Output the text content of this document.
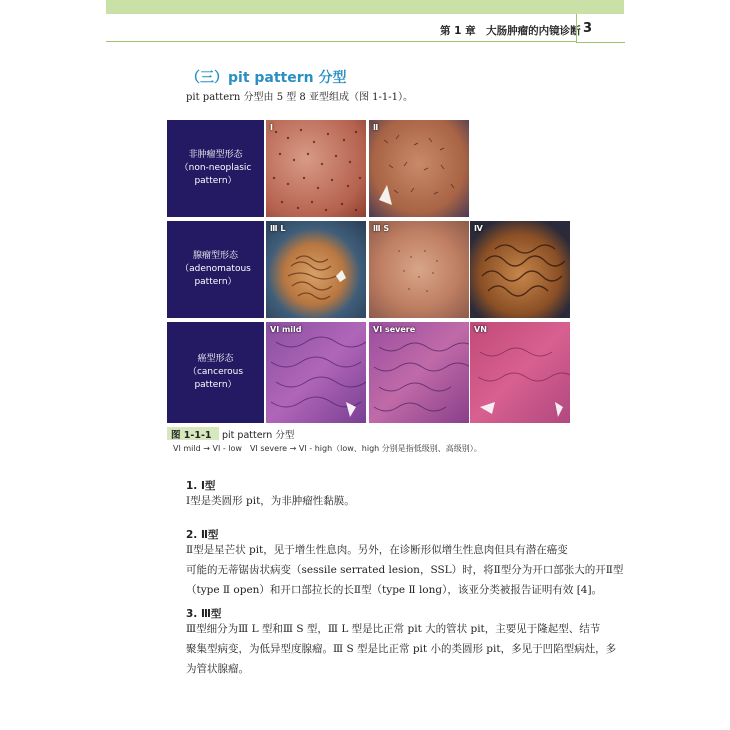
第 1 章　大肠肿瘤的内镜诊断 3
（三）pit pattern 分型
pit pattern 分型由 5 型 8 亚型组成（图 1-1-1）。
非肿瘤型形态
（non-neoplasic
pattern）
腺瘤型形态
（adenomatous
pattern）
癌型形态
（cancerous
pattern）
Ⅰ	Ⅱ
Ⅲ L	Ⅲ S	Ⅳ
VI mild	VI severe	VN
图 1-1-1 pit pattern 分型
VI mild → VI - low　VI severe → VI - high（low、high 分别是指低级别、高级别）。
1. Ⅰ型
Ⅰ型是类圆形 pit，为非肿瘤性黏膜。
2. Ⅱ型
Ⅱ型是星芒状 pit，见于增生性息肉。另外，在诊断形似增生性息肉但具有潜在癌变
可能的无蒂锯齿状病变（sessile serrated lesion，SSL）时，将Ⅱ型分为开口部张大的开Ⅱ型
（type Ⅱ open）和开口部拉长的长Ⅱ型（type Ⅱ long），该亚分类被报告证明有效 [4]。
3. Ⅲ型
Ⅲ型细分为Ⅲ L 型和Ⅲ S 型，Ⅲ L 型是比正常 pit 大的管状 pit，主要见于隆起型、结节
聚集型病变，为低异型度腺瘤。Ⅲ S 型是比正常 pit 小的类圆形 pit，多见于凹陷型病灶，多
为管状腺瘤。
